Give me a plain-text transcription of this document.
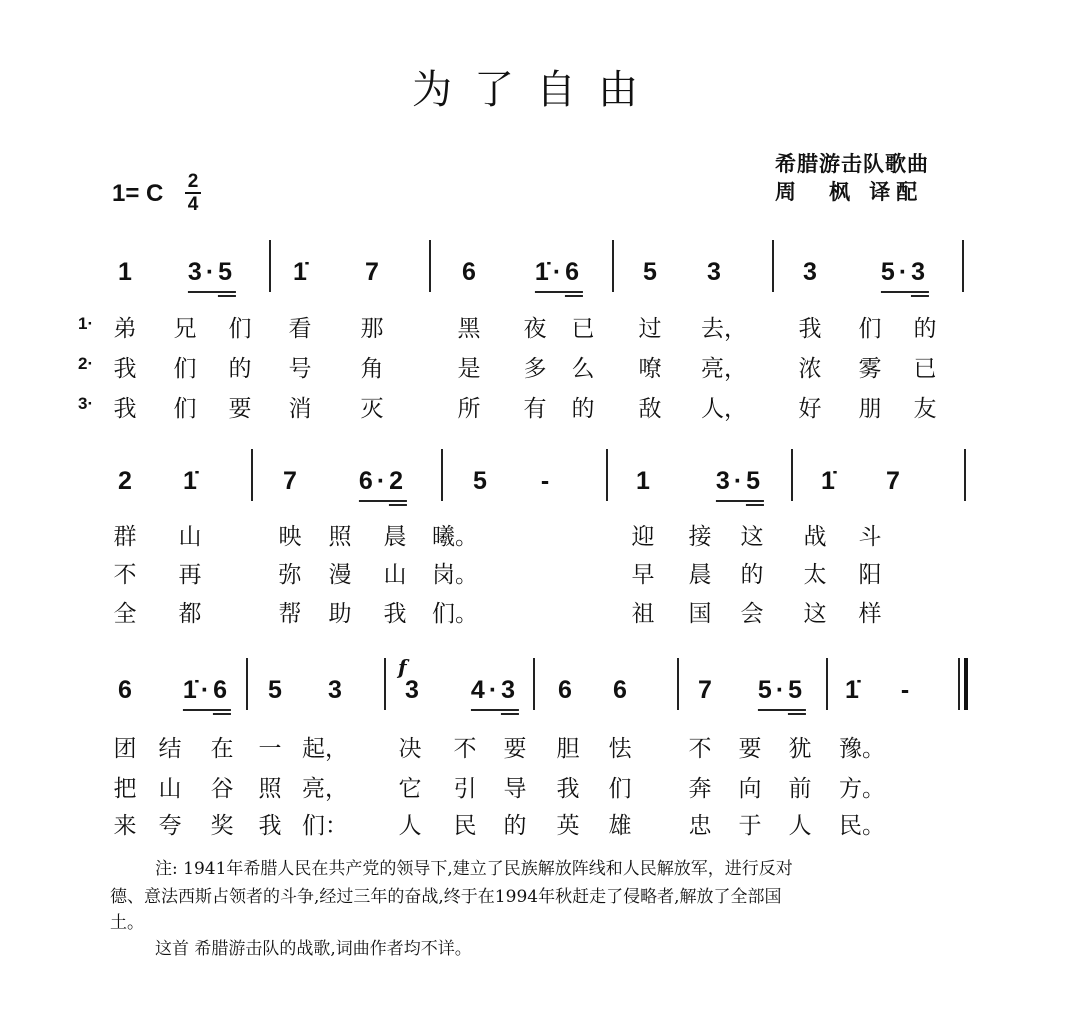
为了自由
希腊游击队歌曲
周　枫 译配
1= C 2
4
1 3·5 1̇ 7	6 1̇·6 5 3	3	5·3
1· 弟 兄 们 看 那	黑 夜 已 过 去， 我 们 的
2· 我 们 的 号 角	是 多 么 嘹 亮， 浓 雾 已
3· 我 们 要 消 灭	所 有 的 敌 人， 好 朋 友
2 1̇	7 6·2	5 -	1	3·5 1̇ 7
群 山	映 照 晨 曦。	迎 接 这 战 斗
不 再	弥 漫 山 岗。	早 晨 的 太 阳
全 都	帮 助 我 们。	祖 国 会 这 样
6 1̇·6 5 3	3 4·3 6 6	7 5·5 1̇ -
f
团 结 在 一 起， 决 不 要 胆 怯 不 要 犹 豫。
把 山 谷 照 亮， 它 引 导 我 们 奔 向 前 方。
来 夸 奖 我 们： 人 民 的 英 雄 忠 于 人 民。
注: 1941年希腊人民在共产党的领导下,建立了民族解放阵线和人民解放军，进行反对
德、意法西斯占领者的斗争,经过三年的奋战,终于在1994年秋赶走了侵略者,解放了全部国
土。
这首 希腊游击队的战歌,词曲作者均不详。
